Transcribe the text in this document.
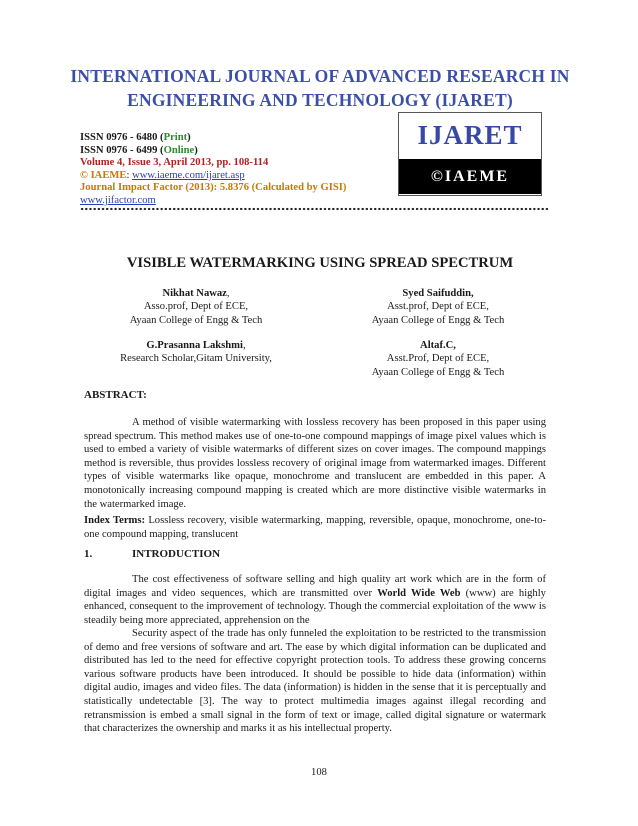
INTERNATIONAL JOURNAL OF ADVANCED RESEARCH IN
ENGINEERING AND TECHNOLOGY (IJARET)
ISSN 0976 - 6480 (Print)
ISSN 0976 - 6499 (Online)
Volume 4, Issue 3, April 2013, pp. 108-114
© IAEME: www.iaeme.com/ijaret.asp
Journal Impact Factor (2013): 5.8376 (Calculated by GISI)
www.jifactor.com
IJARET
©IAEME
VISIBLE WATERMARKING USING SPREAD SPECTRUM
Nikhat Nawaz,
Asso.prof, Dept of ECE,
Ayaan College of Engg & Tech
Syed Saifuddin,
Asst.prof, Dept of ECE,
Ayaan College of Engg & Tech
G.Prasanna Lakshmi,
Research Scholar,Gitam University,
Altaf.C,
Asst.Prof, Dept of ECE,
Ayaan College of Engg & Tech
ABSTRACT:
A method of visible watermarking with lossless recovery has been proposed in this paper using spread spectrum. This method makes use of one-to-one compound mappings of image pixel values which is used to embed a variety of visible watermarks of different sizes on cover images. The compound mappings method is reversible, thus provides lossless recovery of original image from watermarked images. Different types of visible watermarks like opaque, monochrome and translucent are embedded in this paper. A monotonically increasing compound mapping is created which are more distinctive visible watermarks in the watermarked image.
Index Terms: Lossless recovery, visible watermarking, mapping, reversible, opaque, monochrome, one-to-one compound mapping, translucent
1.	INTRODUCTION
The cost effectiveness of software selling and high quality art work which are in the form of digital images and video sequences, which are transmitted over World Wide Web (www) are highly enhanced, consequent to the improvement of technology. Though the commercial exploitation of the www is steadily being more appreciated, apprehension on the
Security aspect of the trade has only funneled the exploitation to be restricted to the transmission of demo and free versions of software and art. The ease by which digital information can be duplicated and distributed has led to the need for effective copyright protection tools. To address these growing concerns various software products have been introduced. It should be possible to hide data (information) within digital audio, images and video files. The data (information) is hidden in the sense that it is perceptually and statistically undetectable [3]. The way to protect multimedia images against illegal recording and retransmission is embed a small signal in the form of text or image, called digital signature or watermark that characterizes the ownership and marks it as his intellectual property.
108
